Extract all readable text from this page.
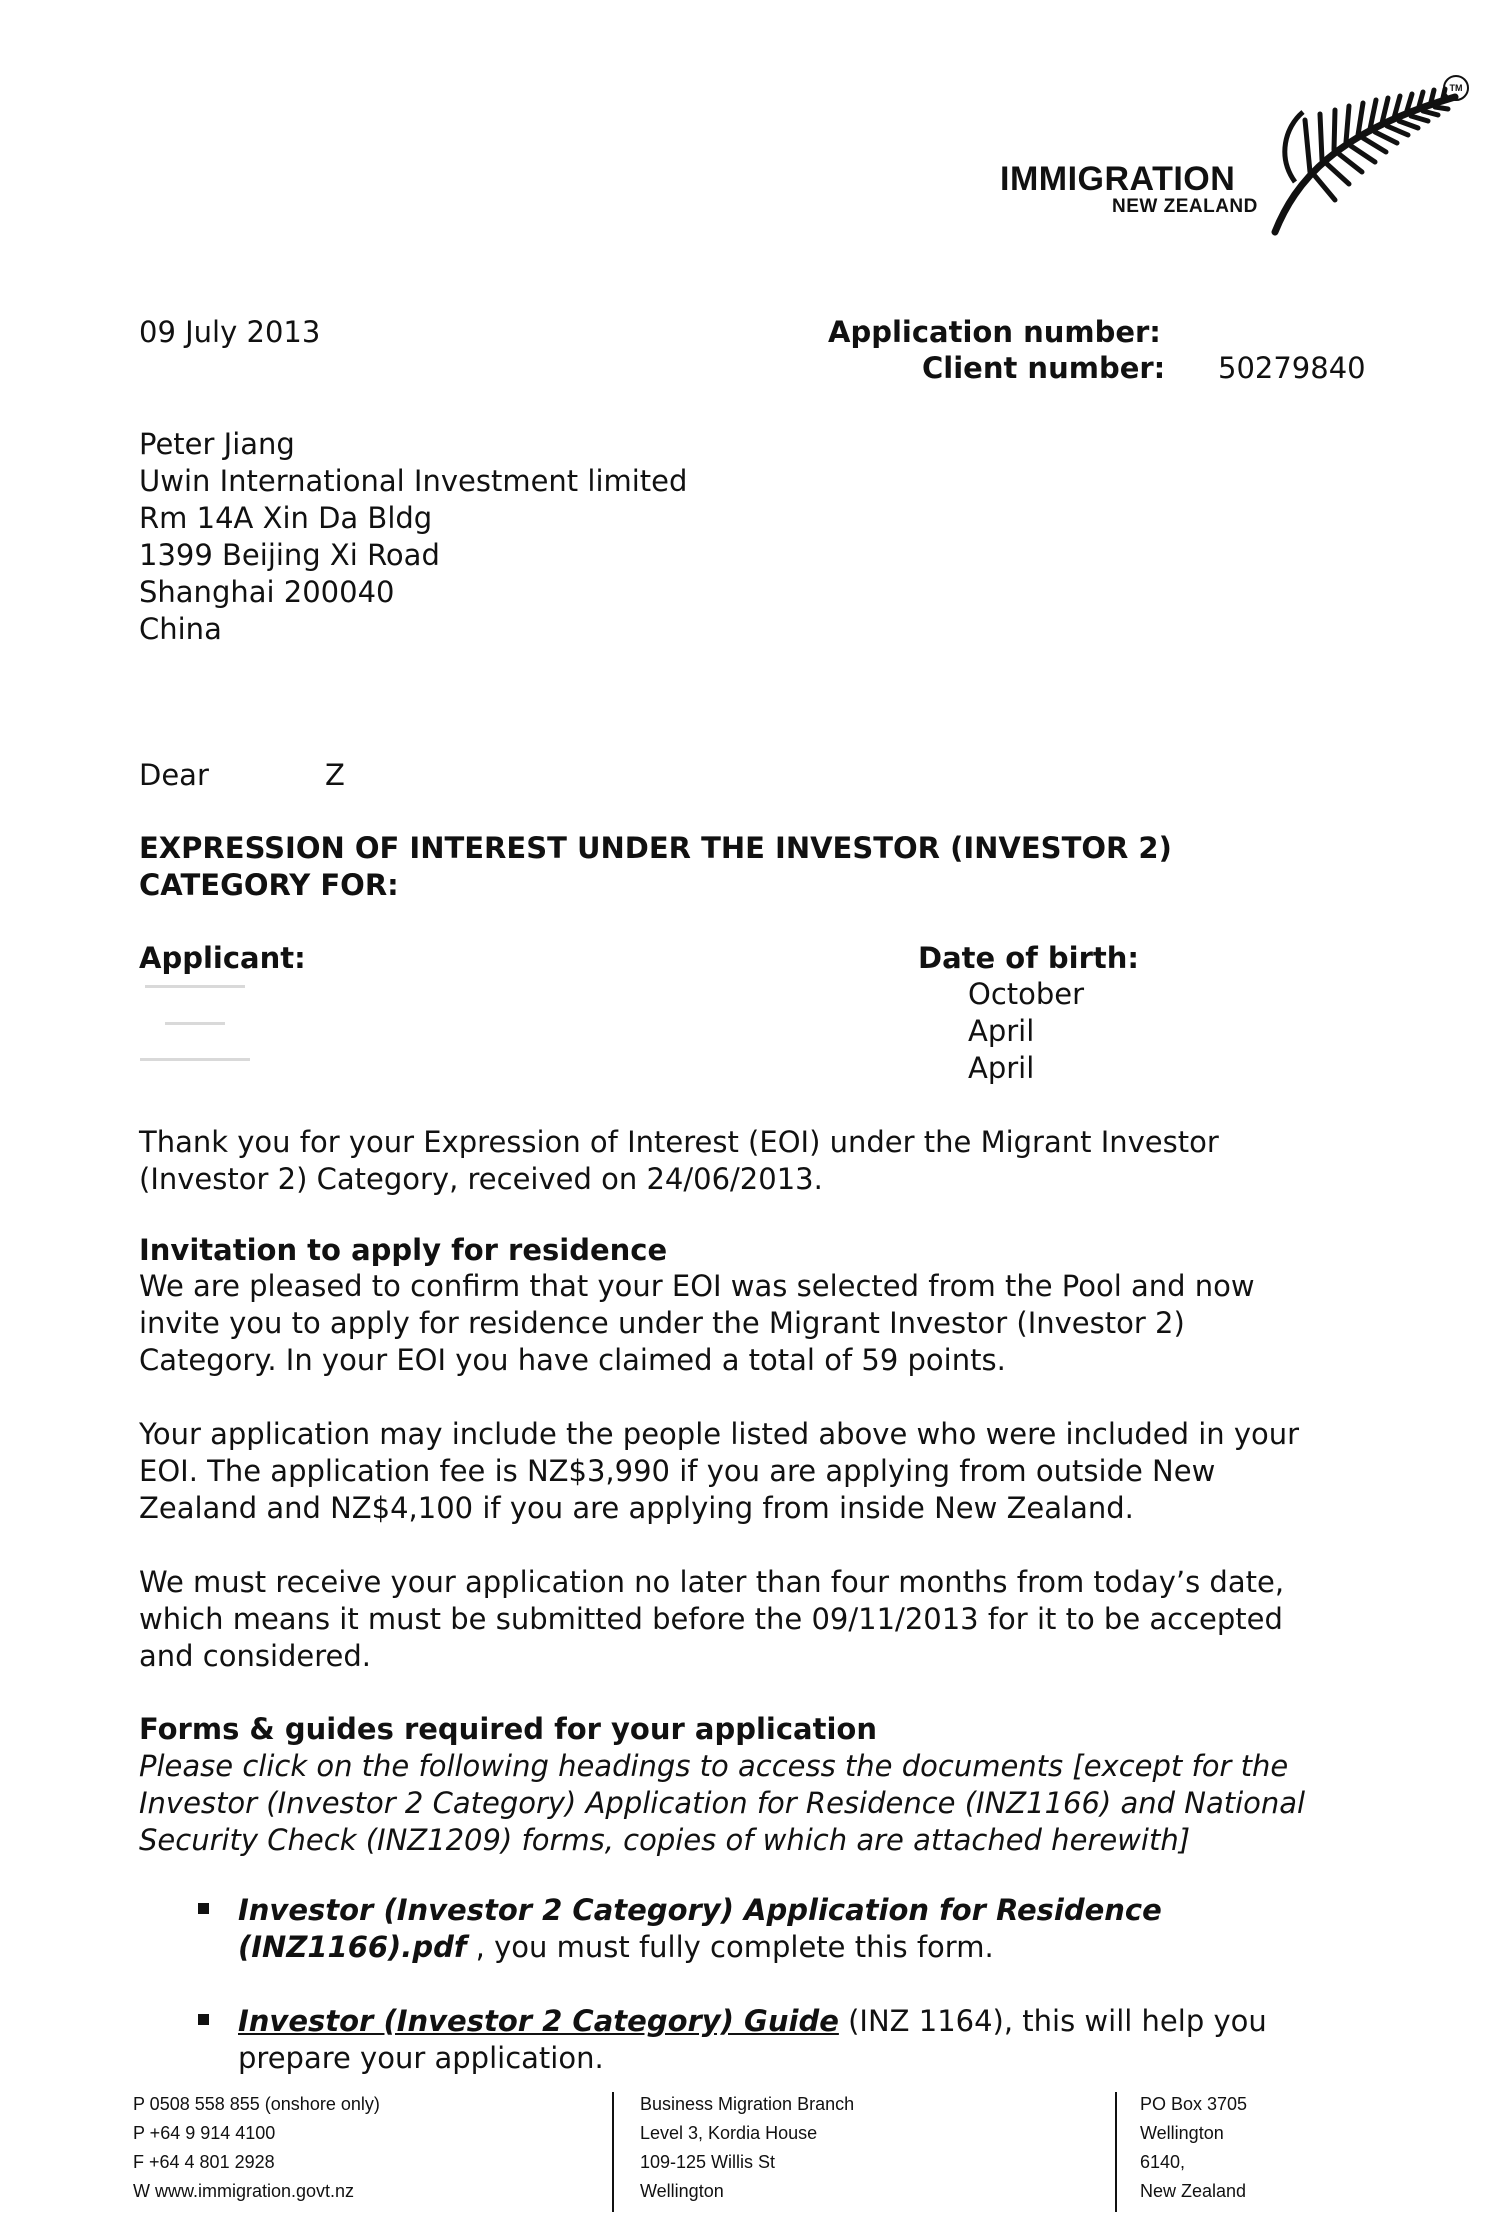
IMMIGRATION
NEW ZEALAND
TM
09 July 2013	Application number:
Client number: 50279840
Peter Jiang
Uwin International Investment limited
Rm 14A Xin Da Bldg
1399 Beijing Xi Road
Shanghai 200040
China
Dear	Z
EXPRESSION OF INTEREST UNDER THE INVESTOR (INVESTOR 2)
CATEGORY FOR:
Applicant:	Date of birth:
October
April
April
Thank you for your Expression of Interest (EOI) under the Migrant Investor
(Investor 2) Category, received on 24/06/2013.
Invitation to apply for residence
We are pleased to confirm that your EOI was selected from the Pool and now
invite you to apply for residence under the Migrant Investor (Investor 2)
Category. In your EOI you have claimed a total of 59 points.
Your application may include the people listed above who were included in your
EOI. The application fee is NZ$3,990 if you are applying from outside New
Zealand and NZ$4,100 if you are applying from inside New Zealand.
We must receive your application no later than four months from today’s date,
which means it must be submitted before the 09/11/2013 for it to be accepted
and considered.
Forms & guides required for your application
Please click on the following headings to access the documents [except for the
Investor (Investor 2 Category) Application for Residence (INZ1166) and National
Security Check (INZ1209) forms, copies of which are attached herewith]
Investor (Investor 2 Category) Application for Residence
(INZ1166).pdf , you must fully complete this form.
Investor (Investor 2 Category) Guide (INZ 1164), this will help you
prepare your application.
P 0508 558 855 (onshore only)
P +64 9 914 4100
F +64 4 801 2928
W www.immigration.govt.nz
Business Migration Branch
Level 3, Kordia House
109-125 Willis St
Wellington
PO Box 3705
Wellington
6140,
New Zealand
